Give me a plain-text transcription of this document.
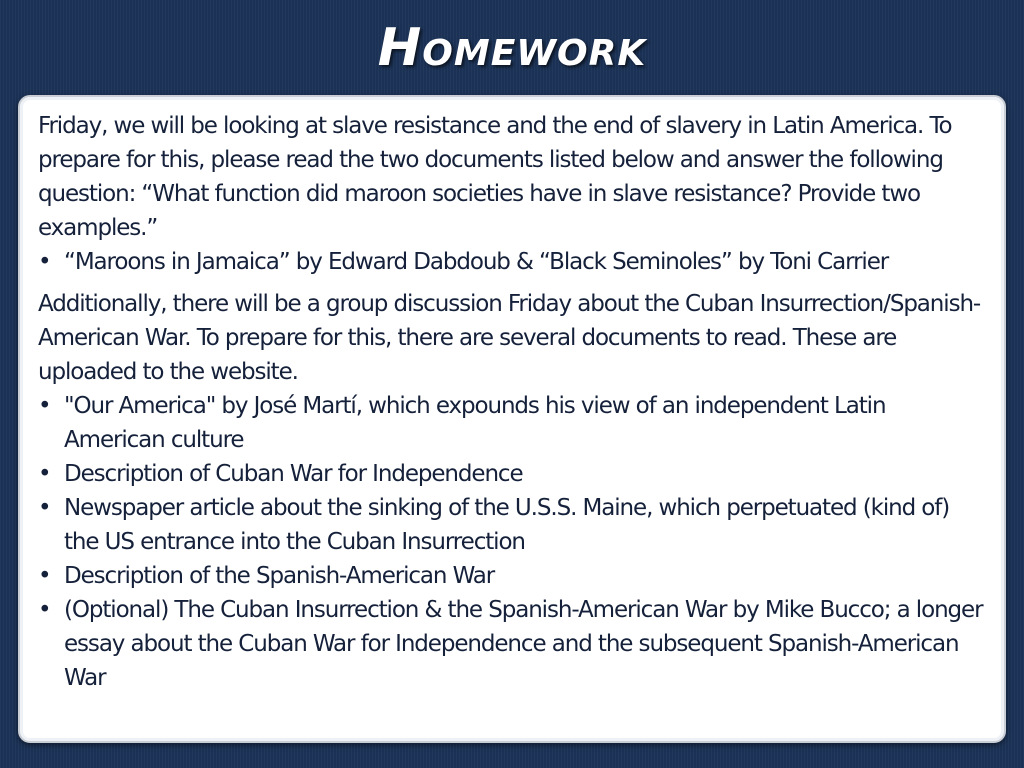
Homework

Friday, we will be looking at slave resistance and the end of slavery in Latin America. To prepare for this, please read the two documents listed below and answer the following question: “What function did maroon societies have in slave resistance? Provide two examples.”

• “Maroons in Jamaica” by Edward Dabdoub & “Black Seminoles” by Toni Carrier

Additionally, there will be a group discussion Friday about the Cuban Insurrection/Spanish-American War. To prepare for this, there are several documents to read. These are uploaded to the website.

• "Our America" by José Martí, which expounds his view of an independent Latin American culture
• Description of Cuban War for Independence
• Newspaper article about the sinking of the U.S.S. Maine, which perpetuated (kind of) the US entrance into the Cuban Insurrection
• Description of the Spanish-American War
• (Optional) The Cuban Insurrection & the Spanish-American War by Mike Bucco; a longer essay about the Cuban War for Independence and the subsequent Spanish-American War
